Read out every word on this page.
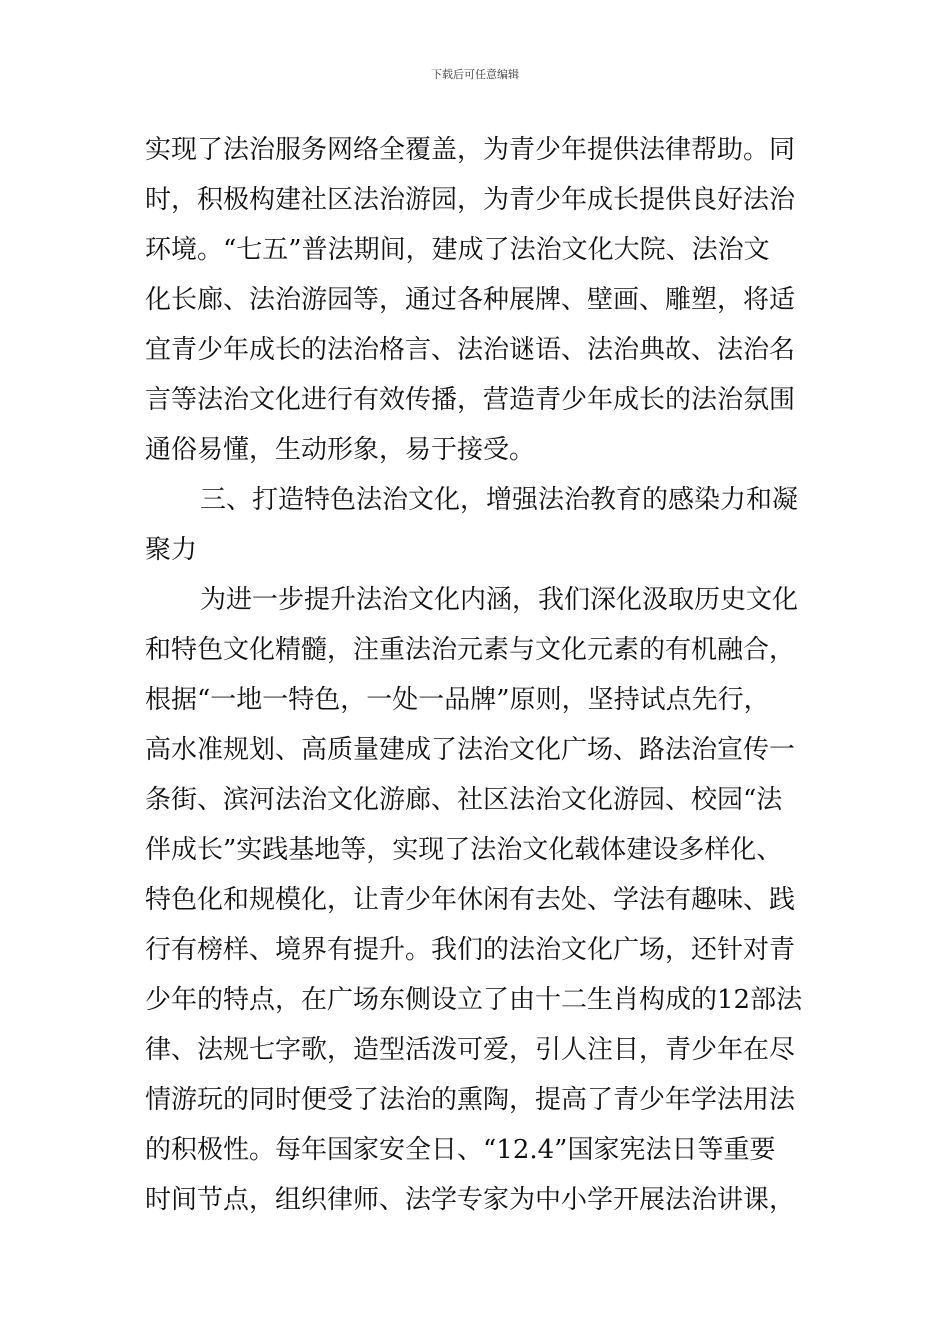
下载后可任意编辑
实现了法治服务网络全覆盖，为青少年提供法律帮助。同
时，积极构建社区法治游园，为青少年成长提供良好法治
环境。“七五”普法期间，建成了法治文化大院、法治文
化长廊、法治游园等，通过各种展牌、壁画、雕塑，将适
宜青少年成长的法治格言、法治谜语、法治典故、法治名
言等法治文化进行有效传播，营造青少年成长的法治氛围
通俗易懂，生动形象，易于接受。
三、打造特色法治文化，增强法治教育的感染力和凝
聚力
为进一步提升法治文化内涵，我们深化汲取历史文化
和特色文化精髓，注重法治元素与文化元素的有机融合，
根据“一地一特色，一处一品牌”原则，坚持试点先行，
高水准规划、高质量建成了法治文化广场、路法治宣传一
条街、滨河法治文化游廊、社区法治文化游园、校园“法
伴成长”实践基地等，实现了法治文化载体建设多样化、
特色化和规模化，让青少年休闲有去处、学法有趣味、践
行有榜样、境界有提升。我们的法治文化广场，还针对青
少年的特点，在广场东侧设立了由十二生肖构成的12部法
律、法规七字歌，造型活泼可爱，引人注目，青少年在尽
情游玩的同时便受了法治的熏陶，提高了青少年学法用法
的积极性。每年国家安全日、“12.4”国家宪法日等重要
时间节点，组织律师、法学专家为中小学开展法治讲课，
